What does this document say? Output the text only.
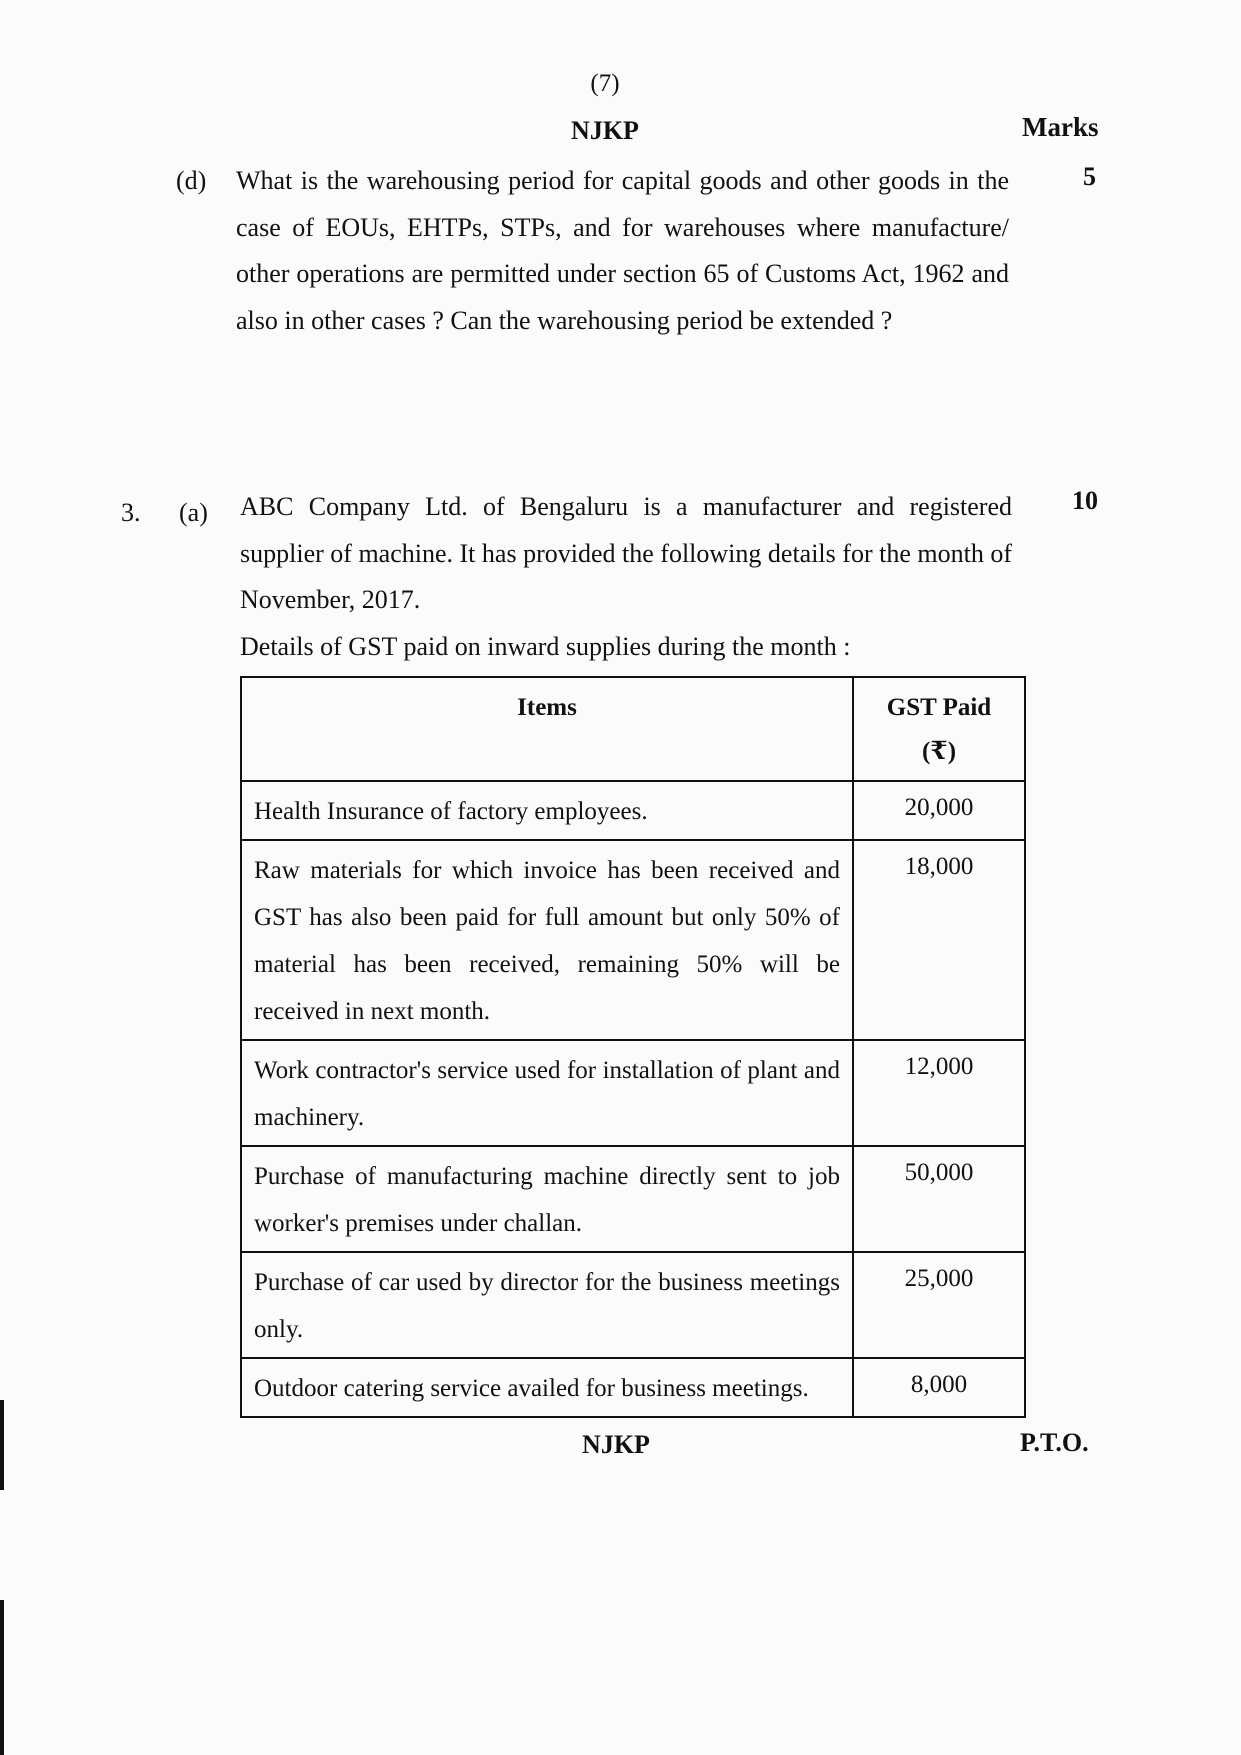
(7)
NJKP	Marks
(d) What is the warehousing period for capital goods and other goods in the case of EOUs, EHTPs, STPs, and for warehouses where manufacture/ other operations are permitted under section 65 of Customs Act, 1962 and also in other cases ? Can the warehousing period be extended ?
5
3. (a) ABC Company Ltd. of Bengaluru is a manufacturer and registered supplier of machine. It has provided the following details for the month of November, 2017.
10
Details of GST paid on inward supplies during the month :
Items	GST Paid
(₹)

Health Insurance of factory employees.	20,000
Raw materials for which invoice has been received and GST has also been paid for full amount but only 50% of material has been received, remaining 50% will be received in next month.	18,000
Work contractor's service used for installation of plant and machinery.	12,000
Purchase of manufacturing machine directly sent to job worker's premises under challan.	50,000
Purchase of car used by director for the business meetings only.	25,000
Outdoor catering service availed for business meetings.	8,000
NJKP	P.T.O.
